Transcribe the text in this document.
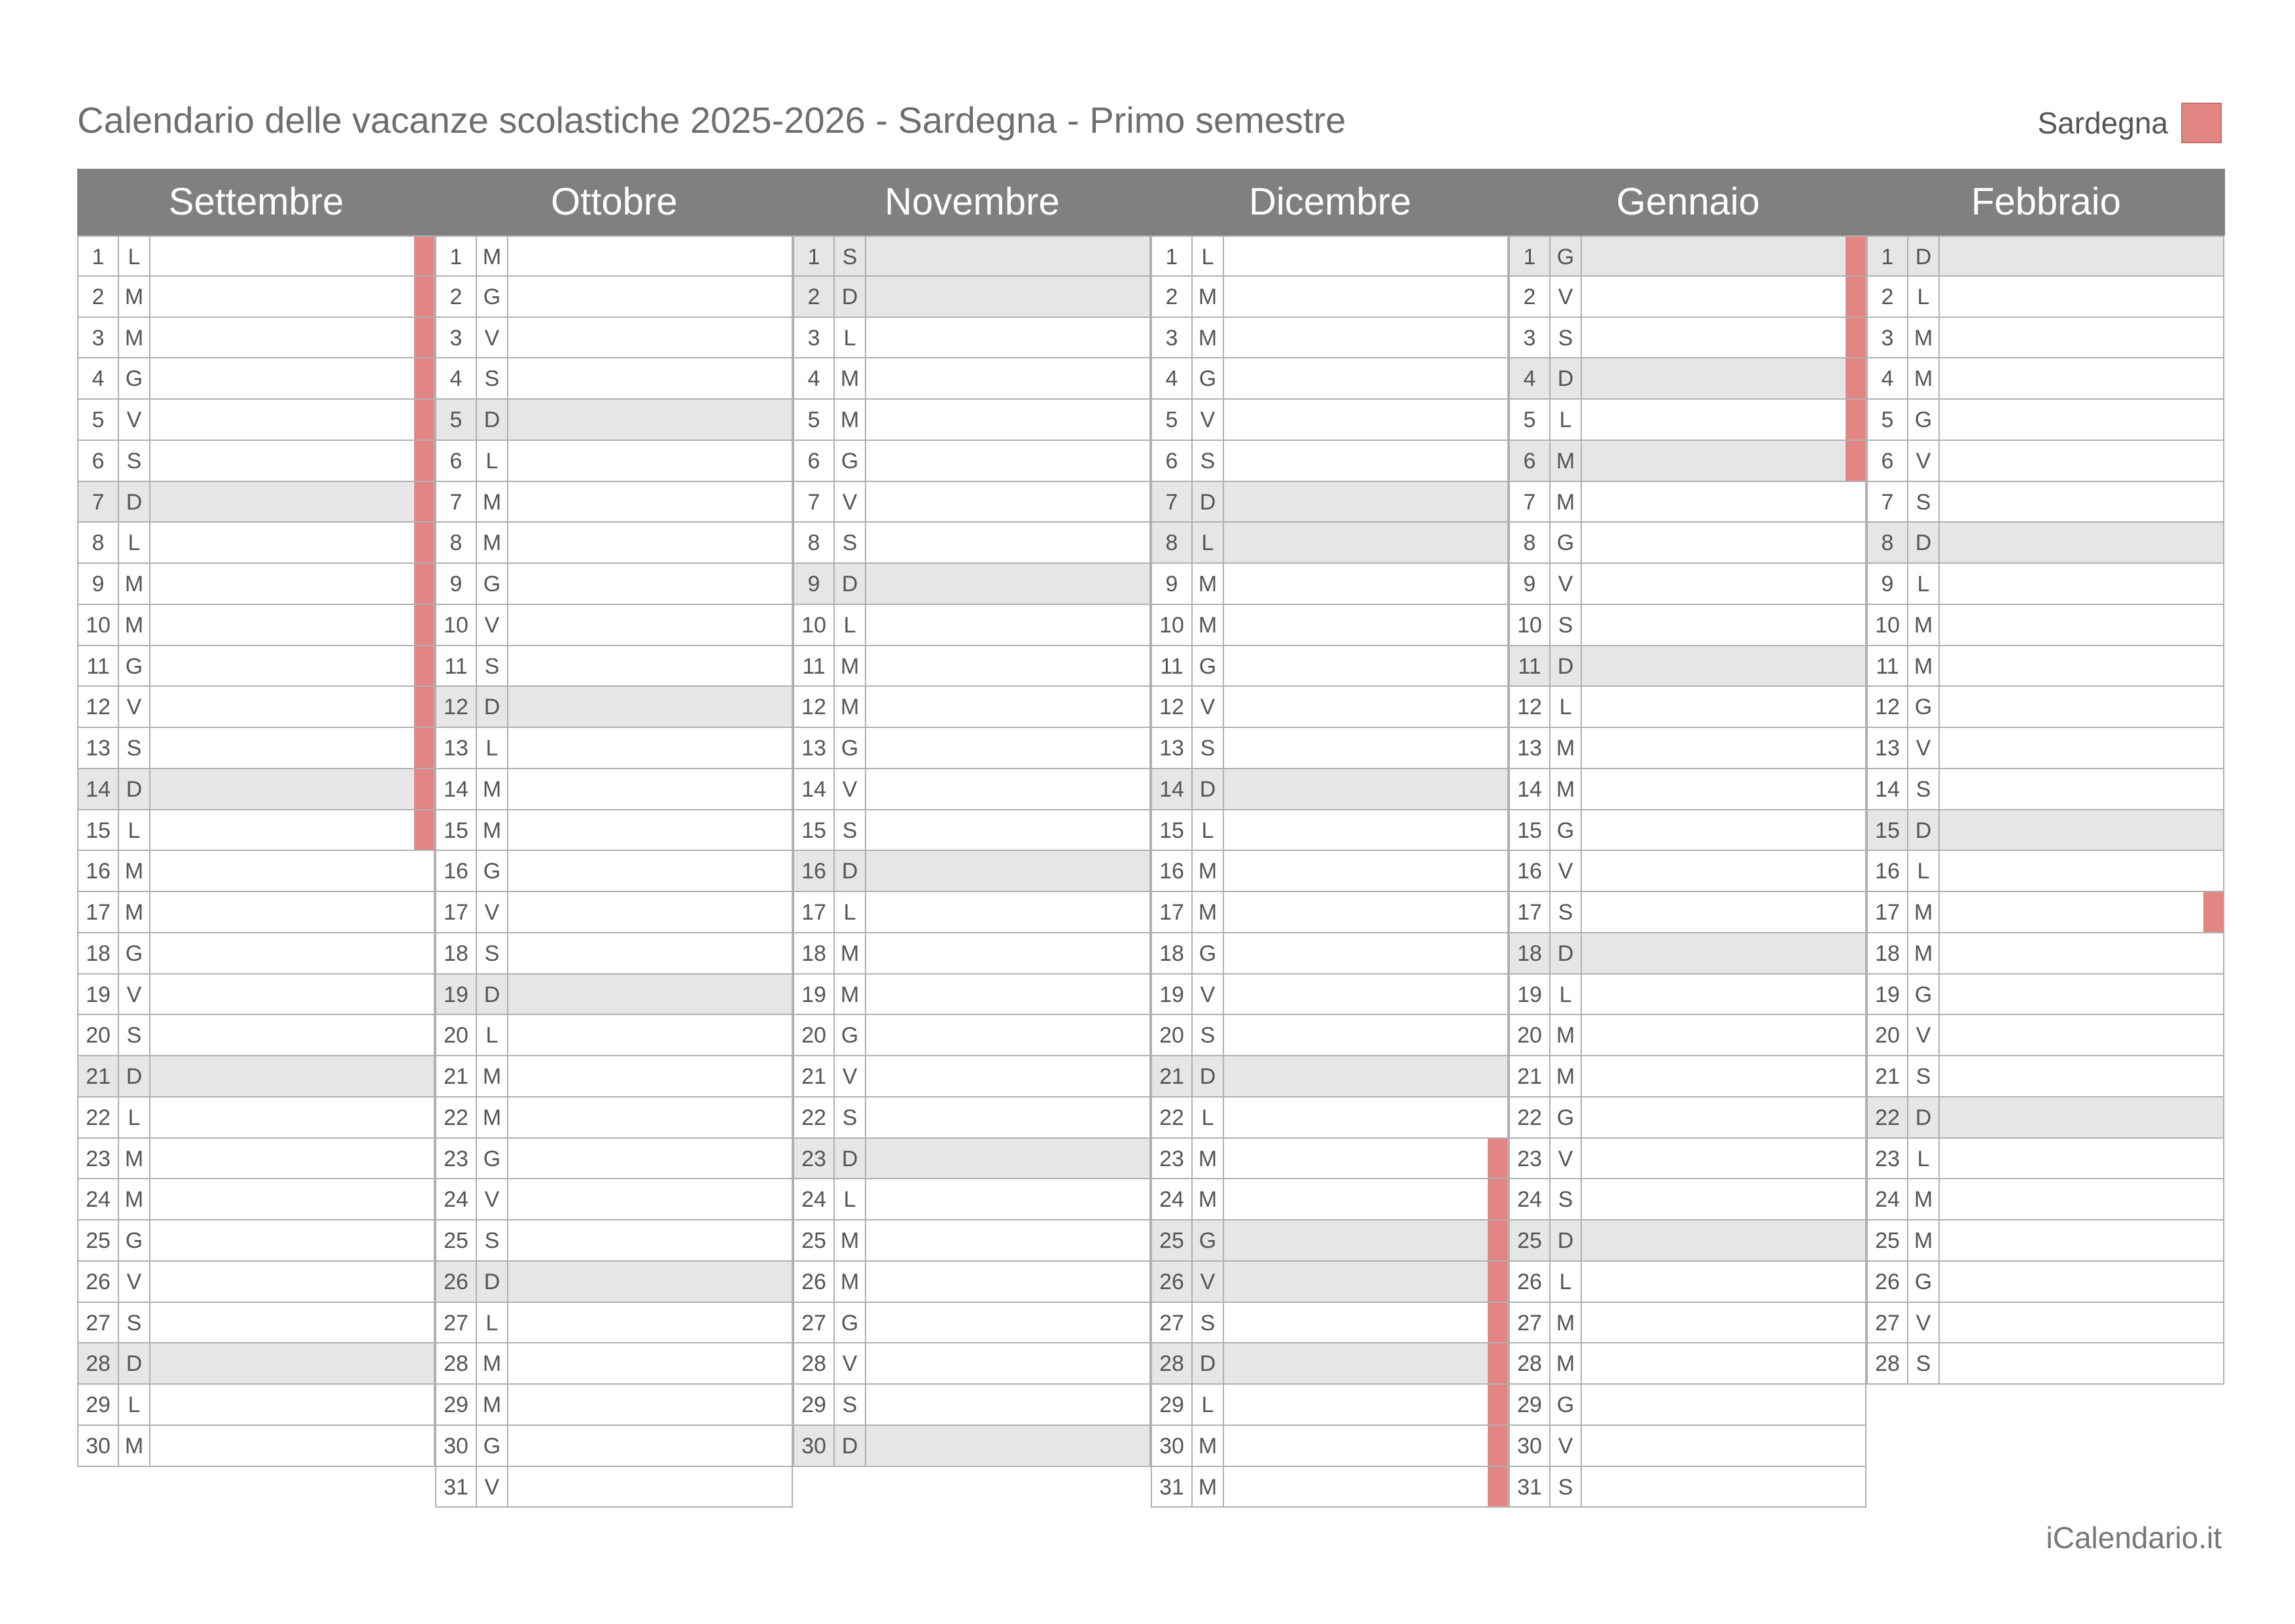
Calendario delle vacanze scolastiche 2025-2026 - Sardegna - Primo semestre	Sardegna
Settembre	Ottobre	Novembre	Dicembre	Gennaio	Febbraio
1	L
2 M
3 M
4 G
5	V
6	S
7 D
8	L
9 M
10 M
11 G
12 V
13 S
14 D
15 L
16 M
17 M
18 G
19 V
20 S
21 D
22 L
23 M
24 M
25 G
26 V
27 S
28 D
29 L
30 M
1 M
2 G
3	V
4	S
5 D
6	L
7 M
8 M
9 G
10 V
11 S
12 D
13 L
14 M
15 M
16 G
17 V
18 S
19 D
20 L
21 M
22 M
23 G
24 V
25 S
26 D
27 L
28 M
29 M
30 G
31 V
1	S
2 D
3	L
4 M
5 M
6 G
7	V
8	S
9 D
10 L
11 M
12 M
13 G
14 V
15 S
16 D
17 L
18 M
19 M
20 G
21 V
22 S
23 D
24 L
25 M
26 M
27 G
28 V
29 S
30 D
1	L
2 M
3 M
4 G
5	V
6	S
7 D
8	L
9 M
10 M
11 G
12 V
13 S
14 D
15 L
16 M
17 M
18 G
19 V
20 S
21 D
22 L
23 M
24 M
25 G
26 V
27 S
28 D
29 L
30 M
31 M
1 G
2	V
3	S
4 D
5	L
6 M
7 M
8 G
9	V
10 S
11 D
12 L
13 M
14 M
15 G
16 V
17 S
18 D
19 L
20 M
21 M
22 G
23 V
24 S
25 D
26 L
27 M
28 M
29 G
30 V
31 S
1 D
2	L
3 M
4 M
5 G
6	V
7	S
8 D
9	L
10 M
11 M
12 G
13 V
14 S
15 D
16 L
17 M
18 M
19 G
20 V
21 S
22 D
23 L
24 M
25 M
26 G
27 V
28 S
iCalendario.it
